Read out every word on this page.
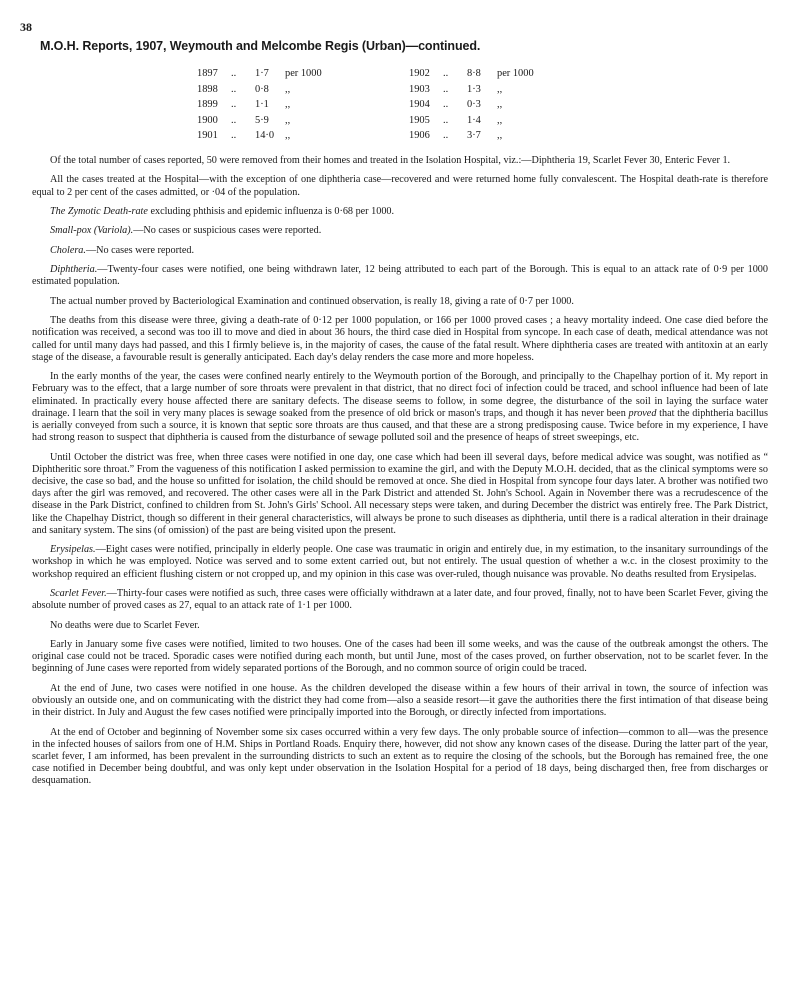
38
M.O.H. Reports, 1907, Weymouth and Melcombe Regis (Urban)—continued.
1897	..	1·7	per 1000
1898	..	0·8	,,
1899	..	1·1	,,
1900	..	5·9	,,
1901	..	14·0	,,
1902	..	8·8	per 1000
1903	..	1·3	,,
1904	..	0·3	,,
1905	..	1·4	,,
1906	..	3·7	,,

Of the total number of cases reported, 50 were removed from their homes and treated in the Isolation Hospital, viz.:—Diphtheria 19, Scarlet Fever 30, Enteric Fever 1.

All the cases treated at the Hospital—with the exception of one diphtheria case—recovered and were returned home fully convalescent. The Hospital death-rate is therefore equal to 2 per cent of the cases admitted, or ·04 of the population.

The Zymotic Death-rate excluding phthisis and epidemic influenza is 0·68 per 1000.

Small-pox (Variola).—No cases or suspicious cases were reported.

Cholera.—No cases were reported.

Diphtheria.—Twenty-four cases were notified, one being withdrawn later, 12 being attributed to each part of the Borough. This is equal to an attack rate of 0·9 per 1000 estimated population.

The actual number proved by Bacteriological Examination and continued observation, is really 18, giving a rate of 0·7 per 1000.

The deaths from this disease were three, giving a death-rate of 0·12 per 1000 population, or 166 per 1000 proved cases ; a heavy mortality indeed. One case died before the notification was received, a second was too ill to move and died in about 36 hours, the third case died in Hospital from syncope. In each case of death, medical attendance was not called for until many days had passed, and this I firmly believe is, in the majority of cases, the cause of the fatal result. Where diphtheria cases are treated with antitoxin at an early stage of the disease, a favourable result is generally anticipated. Each day's delay renders the case more and more hopeless.

In the early months of the year, the cases were confined nearly entirely to the Weymouth portion of the Borough, and principally to the Chapelhay portion of it. My report in February was to the effect, that a large number of sore throats were prevalent in that district, that no direct foci of infection could be traced, and school influence had been of late eliminated. In practically every house affected there are sanitary defects. The disease seems to follow, in some degree, the disturbance of the soil in laying the surface water drainage. I learn that the soil in very many places is sewage soaked from the presence of old brick or mason's traps, and though it has never been proved that the diphtheria bacillus is aerially conveyed from such a source, it is known that septic sore throats are thus caused, and that these are a strong predisposing cause. Twice before in my experience, I have had strong reason to suspect that diphtheria is caused from the disturbance of sewage polluted soil and the presence of heaps of street sweepings, etc.

Until October the district was free, when three cases were notified in one day, one case which had been ill several days, before medical advice was sought, was notified as “ Diphtheritic sore throat.” From the vagueness of this notification I asked permission to examine the girl, and with the Deputy M.O.H. decided, that as the clinical symptoms were so decisive, the case so bad, and the house so unfitted for isolation, the child should be removed at once. She died in Hospital from syncope four days later. A brother was notified two days after the girl was removed, and recovered. The other cases were all in the Park District and attended St. John's School. Again in November there was a recrudescence of the disease in the Park District, confined to children from St. John's Girls' School. All necessary steps were taken, and during December the district was entirely free. The Park District, like the Chapelhay District, though so different in their general characteristics, will always be prone to such diseases as diphtheria, until there is a radical alteration in their drainage and sanitary system. The sins (of omission) of the past are being visited upon the present.

Erysipelas.—Eight cases were notified, principally in elderly people. One case was traumatic in origin and entirely due, in my estimation, to the insanitary surroundings of the workshop in which he was employed. Notice was served and to some extent carried out, but not entirely. The usual question of whether a w.c. in the closest proximity to the workshop required an efficient flushing cistern or not cropped up, and my opinion in this case was over-ruled, though nuisance was provable. No deaths resulted from Erysipelas.

Scarlet Fever.—Thirty-four cases were notified as such, three cases were officially withdrawn at a later date, and four proved, finally, not to have been Scarlet Fever, giving the absolute number of proved cases as 27, equal to an attack rate of 1·1 per 1000.

No deaths were due to Scarlet Fever.

Early in January some five cases were notified, limited to two houses. One of the cases had been ill some weeks, and was the cause of the outbreak amongst the others. The original case could not be traced. Sporadic cases were notified during each month, but until June, most of the cases proved, on further observation, not to be scarlet fever. In the beginning of June cases were reported from widely separated portions of the Borough, and no common source of origin could be traced.

At the end of June, two cases were notified in one house. As the children developed the disease within a few hours of their arrival in town, the source of infection was obviously an outside one, and on communicating with the district they had come from—also a seaside resort—it gave the authorities there the first intimation of that disease being in their district. In July and August the few cases notified were principally imported into the Borough, or directly infected from importations.

At the end of October and beginning of November some six cases occurred within a very few days. The only probable source of infection—common to all—was the presence in the infected houses of sailors from one of H.M. Ships in Portland Roads. Enquiry there, however, did not show any known cases of the disease. During the latter part of the year, scarlet fever, I am informed, has been prevalent in the surrounding districts to such an extent as to require the closing of the schools, but the Borough has remained free, the one case notified in December being doubtful, and was only kept under observation in the Isolation Hospital for a period of 18 days, being discharged then, free from discharges or desquamation.
